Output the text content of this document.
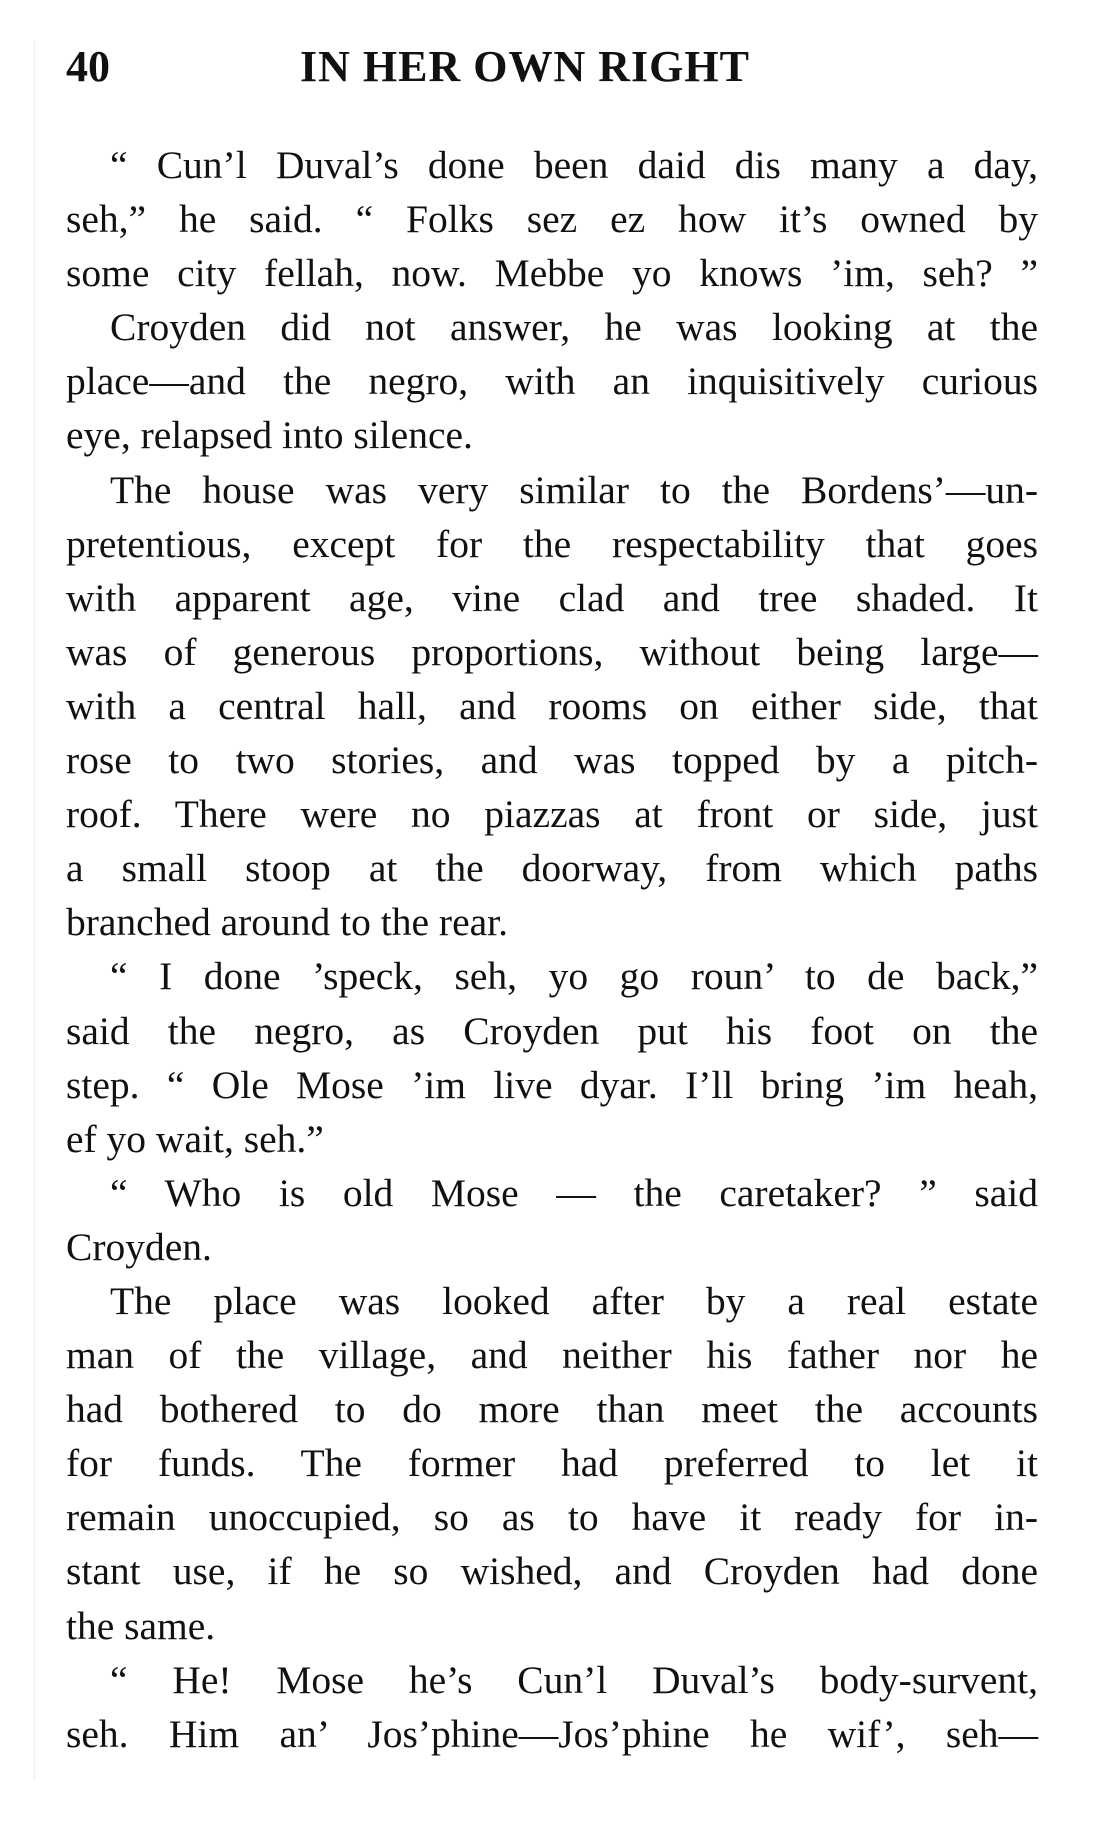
40	IN HER OWN RIGHT
“ Cun’l Duval’s done been daid dis many a day,
seh,” he said. “ Folks sez ez how it’s owned by
some city fellah, now. Mebbe yo knows ’im, seh? ”
Croyden did not answer, he was looking at the
place—and the negro, with an inquisitively curious
eye, relapsed into silence.
The house was very similar to the Bordens’—un-
pretentious, except for the respectability that goes
with apparent age, vine clad and tree shaded. It
was of generous proportions, without being large—
with a central hall, and rooms on either side, that
rose to two stories, and was topped by a pitch-
roof. There were no piazzas at front or side, just
a small stoop at the doorway, from which paths
branched around to the rear.
“ I done ’speck, seh, yo go roun’ to de back,”
said the negro, as Croyden put his foot on the
step. “ Ole Mose ’im live dyar. I’ll bring ’im heah,
ef yo wait, seh.”
“ Who is old Mose — the caretaker? ” said
Croyden.
The place was looked after by a real estate
man of the village, and neither his father nor he
had bothered to do more than meet the accounts
for funds. The former had preferred to let it
remain unoccupied, so as to have it ready for in-
stant use, if he so wished, and Croyden had done
the same.
“ He! Mose he’s Cun’l Duval’s body-survent,
seh. Him an’ Jos’phine—Jos’phine he wif’, seh—
